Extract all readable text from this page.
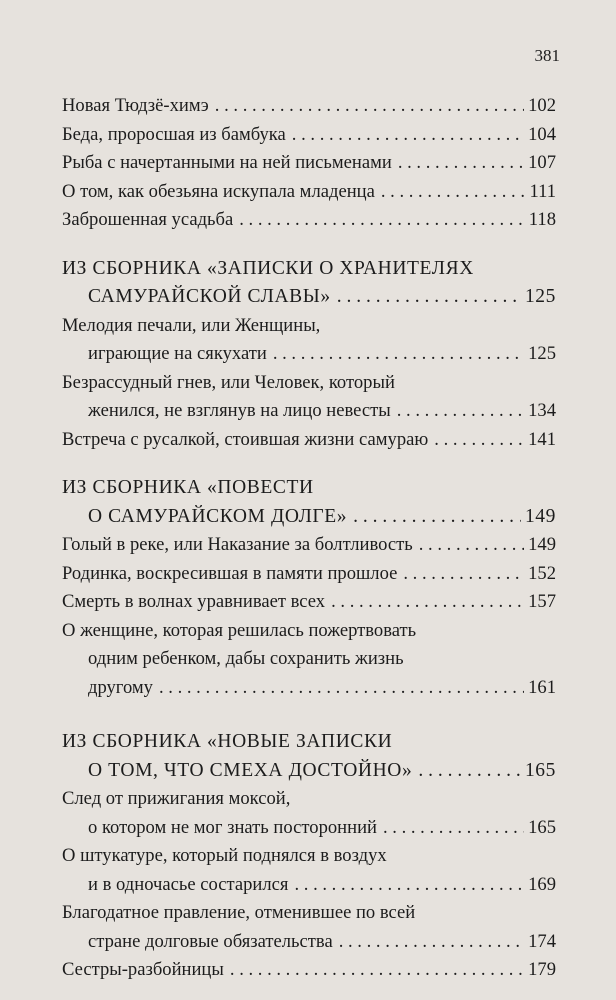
381
Новая Тюдзё-химэ . . .	102
Беда, проросшая из бамбука . . .	104
Рыба с начертанными на ней письменами . . .	107
О том, как обезьяна искупала младенца . . .	111
Заброшенная усадьба . . .	118
ИЗ СБОРНИКА «ЗАПИСКИ О ХРАНИТЕЛЯХ
САМУРАЙСКОЙ СЛАВЫ» . . .	125
Мелодия печали, или Женщины,
играющие на сякухати . . .	125
Безрассудный гнев, или Человек, который
женился, не взглянув на лицо невесты . . .	134
Встреча с русалкой, стоившая жизни самураю . . .	141
ИЗ СБОРНИКА «ПОВЕСТИ
О САМУРАЙСКОМ ДОЛГЕ» . . .	149
Голый в реке, или Наказание за болтливость . . .	149
Родинка, воскресившая в памяти прошлое . . .	152
Смерть в волнах уравнивает всех . . .	157
О женщине, которая решилась пожертвовать
одним ребенком, дабы сохранить жизнь
другому . . .	161
ИЗ СБОРНИКА «НОВЫЕ ЗАПИСКИ
О ТОМ, ЧТО СМЕХА ДОСТОЙНО» . . .	165
След от прижигания моксой,
о котором не мог знать посторонний . . .	165
О штукатуре, который поднялся в воздух
и в одночасье состарился . . .	169
Благодатное правление, отменившее по всей
стране долговые обязательства . . .	174
Сестры-разбойницы . . .	179
